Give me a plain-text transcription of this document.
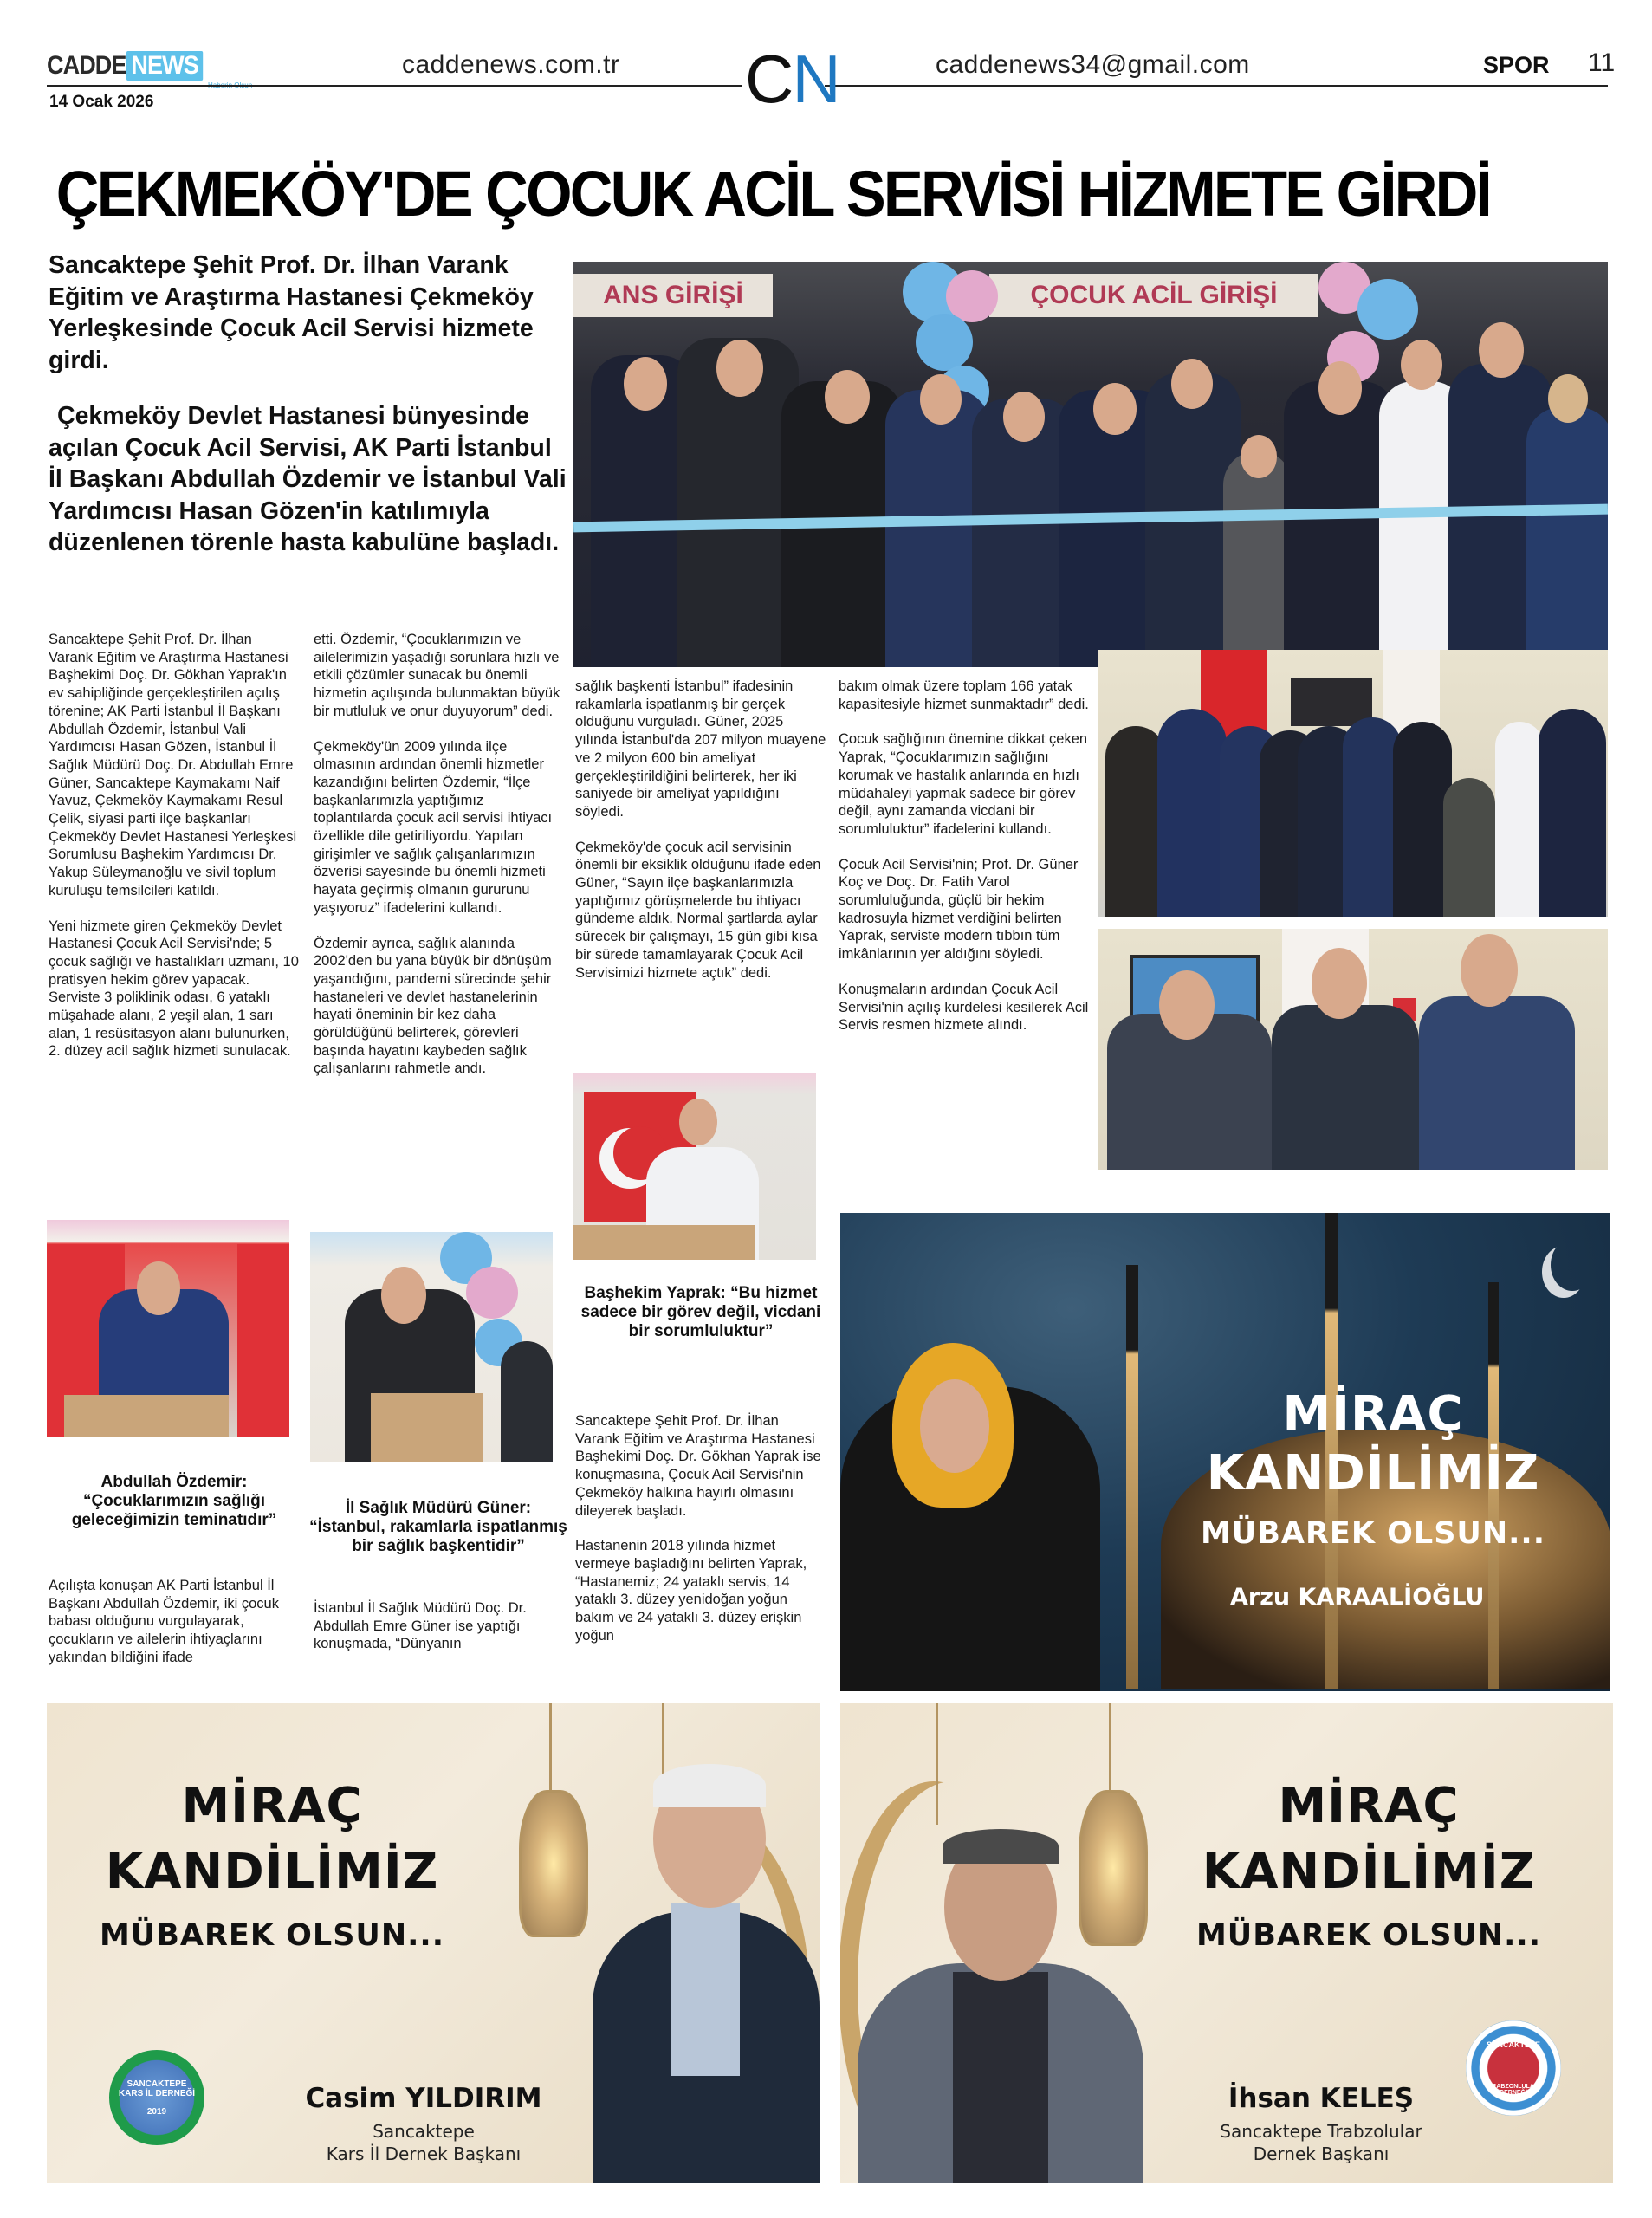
CADDE NEWS	caddenews.com.tr CN	caddenews34@gmail.com	SPOR 11
14 Ocak 2026
ÇEKMEKÖY'DE ÇOCUK ACİL SERVİSİ HİZMETE GİRDİ
Sancaktepe Şehit Prof. Dr. İlhan Varank Eğitim ve Araştırma Hastanesi Çekmeköy Yerleşkesinde Çocuk Acil Servisi hizmete girdi.
Çekmeköy Devlet Hastanesi bünyesinde açılan Çocuk Acil Servisi, AK Parti İstanbul İl Başkanı Abdullah Özdemir ve İstanbul Vali Yardımcısı Hasan Gözen'in katılımıyla düzenlenen törenle hasta kabulüne başladı.
ANS GİRİŞİ	ÇOCUK ACİL GİRİŞİ

Sancaktepe Şehit Prof. Dr. İlhan Varank Eğitim ve Araştırma Hastanesi Başhekimi Doç. Dr. Gökhan Yaprak'ın ev sahipliğinde gerçekleştirilen açılış törenine; AK Parti İstanbul İl Başkanı Abdullah Özdemir, İstanbul Vali Yardımcısı Hasan Gözen, İstanbul İl Sağlık Müdürü Doç. Dr. Abdullah Emre Güner, Sancaktepe Kaymakamı Naif Yavuz, Çekmeköy Kaymakamı Resul Çelik, siyasi parti ilçe başkanları Çekmeköy Devlet Hastanesi Yerleşkesi Sorumlusu Başhekim Yardımcısı Dr. Yakup Süleymanoğlu ve sivil toplum kuruluşu temsilcileri katıldı.

Yeni hizmete giren Çekmeköy Devlet Hastanesi Çocuk Acil Servisi'nde; 5 çocuk sağlığı ve hastalıkları uzmanı, 10 pratisyen hekim görev yapacak. Serviste 3 poliklinik odası, 6 yataklı müşahade alanı, 2 yeşil alan, 1 sarı alan, 1 resüsitasyon alanı bulunurken, 2. düzey acil sağlık hizmeti sunulacak.

etti. Özdemir, “Çocuklarımızın ve ailelerimizin yaşadığı sorunlara hızlı ve etkili çözümler sunacak bu önemli hizmetin açılışında bulunmaktan büyük bir mutluluk ve onur duyuyorum” dedi.

Çekmeköy'ün 2009 yılında ilçe olmasının ardından önemli hizmetler kazandığını belirten Özdemir, “İlçe başkanlarımızla yaptığımız toplantılarda çocuk acil servisi ihtiyacı özellikle dile getiriliyordu. Yapılan girişimler ve sağlık çalışanlarımızın özverisi sayesinde bu önemli hizmeti hayata geçirmiş olmanın gururunu yaşıyoruz” ifadelerini kullandı.

Özdemir ayrıca, sağlık alanında 2002'den bu yana büyük bir dönüşüm yaşandığını, pandemi sürecinde şehir hastaneleri ve devlet hastanelerinin hayati öneminin bir kez daha görüldüğünü belirterek, görevleri başında hayatını kaybeden sağlık çalışanlarını rahmetle andı.

sağlık başkenti İstanbul” ifadesinin rakamlarla ispatlanmış bir gerçek olduğunu vurguladı. Güner, 2025 yılında İstanbul'da 207 milyon muayene ve 2 milyon 600 bin ameliyat gerçekleştirildiğini belirterek, her iki saniyede bir ameliyat yapıldığını söyledi.

Çekmeköy'de çocuk acil servisinin önemli bir eksiklik olduğunu ifade eden Güner, “Sayın ilçe başkanlarımızla yaptığımız görüşmelerde bu ihtiyacı gündeme aldık. Normal şartlarda aylar sürecek bir çalışmayı, 15 gün gibi kısa bir sürede tamamlayarak Çocuk Acil Servisimizi hizmete açtık” dedi.

bakım olmak üzere toplam 166 yatak kapasitesiyle hizmet sunmaktadır” dedi.

Çocuk sağlığının önemine dikkat çeken Yaprak, “Çocuklarımızın sağlığını korumak ve hastalık anlarında en hızlı müdahaleyi yapmak sadece bir görev değil, aynı zamanda vicdani bir sorumluluktur” ifadelerini kullandı.

Çocuk Acil Servisi'nin; Prof. Dr. Güner Koç ve Doç. Dr. Fatih Varol sorumluluğunda, güçlü bir hekim kadrosuyla hizmet verdiğini belirten Yaprak, serviste modern tıbbın tüm imkânlarının yer aldığını söyledi.

Konuşmaların ardından Çocuk Acil Servisi'nin açılış kurdelesi kesilerek Acil Servis resmen hizmete alındı.

Başhekim Yaprak: “Bu hizmet sadece bir görev değil, vicdani bir sorumluluktur”

Sancaktepe Şehit Prof. Dr. İlhan Varank Eğitim ve Araştırma Hastanesi Başhekimi Doç. Dr. Gökhan Yaprak ise konuşmasına, Çocuk Acil Servisi'nin Çekmeköy halkına hayırlı olmasını dileyerek başladı.

Hastanenin 2018 yılında hizmet vermeye başladığını belirten Yaprak, “Hastanemiz; 24 yataklı servis, 14 yataklı 3. düzey yenidoğan yoğun bakım ve 24 yataklı 3. düzey erişkin yoğun

Abdullah Özdemir: “Çocuklarımızın sağlığı geleceğimizin teminatıdır”

Açılışta konuşan AK Parti İstanbul İl Başkanı Abdullah Özdemir, iki çocuk babası olduğunu vurgulayarak, çocukların ve ailelerin ihtiyaçlarını yakından bildiğini ifade

İl Sağlık Müdürü Güner: “İstanbul, rakamlarla ispatlanmış bir sağlık başkentidir”

İstanbul İl Sağlık Müdürü Doç. Dr. Abdullah Emre Güner ise yaptığı konuşmada, “Dünyanın

MİRAÇ
KANDİLİMİZ
MÜBAREK OLSUN...
Arzu KARAALİOĞLU
MİRAÇ
KANDİLİMİZ
MÜBAREK OLSUN...
SANCAKTEPE KARS İL DERNEĞİ
2019	Casim YILDIRIM
Sancaktepe
Kars İl Dernek Başkanı
MİRAÇ
KANDİLİMİZ
MÜBAREK OLSUN...
İhsan KELEŞ
Sancaktepe Trabzolular
Dernek Başkanı
SANCAKTEPE
TRABZONLULAR DERNEĞİ
